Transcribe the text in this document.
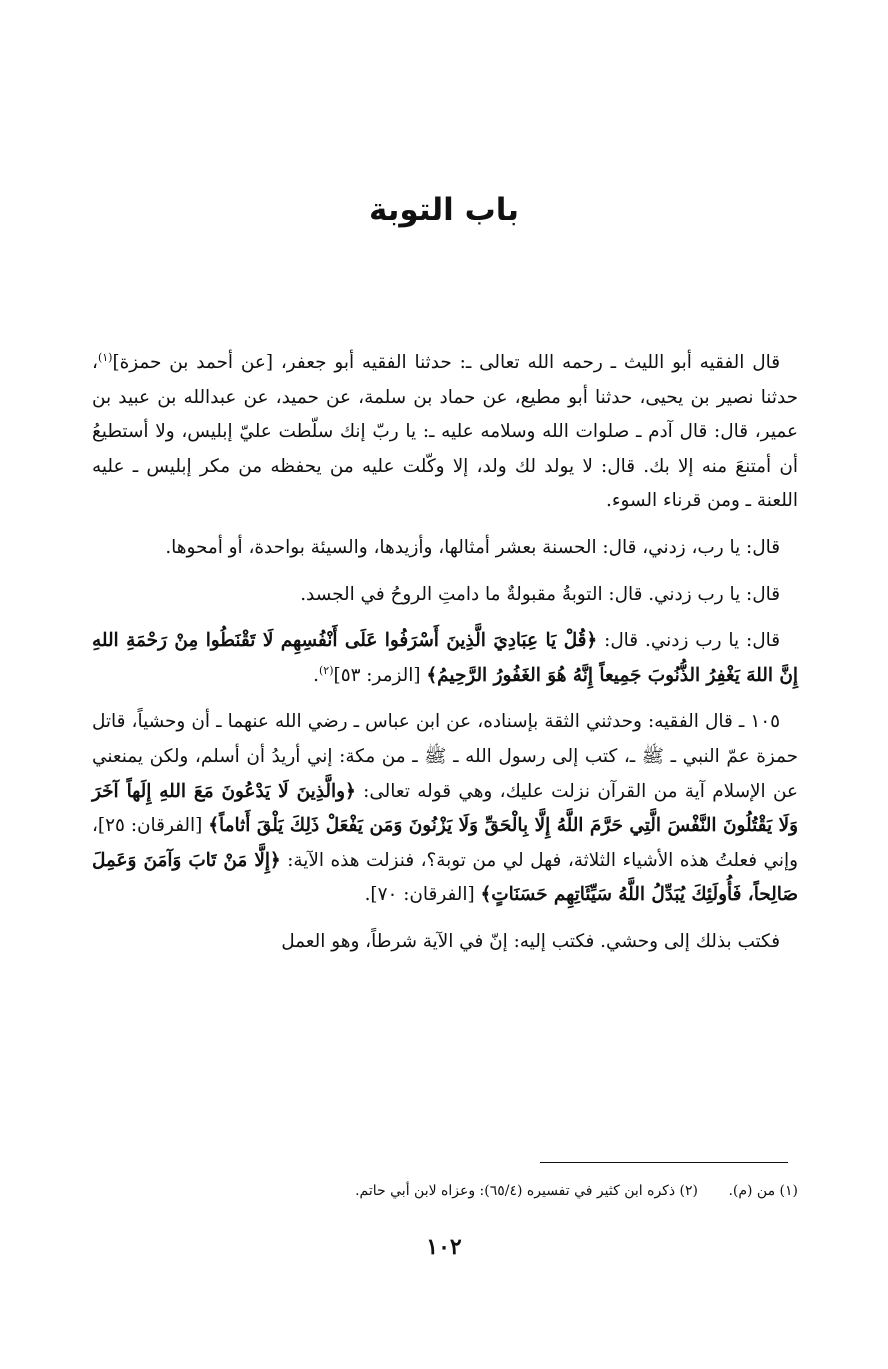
باب التوبة

قال الفقيه أبو الليث ـ رحمه الله تعالى ـ: حدثنا الفقيه أبو جعفر، [عن أحمد بن حمزة]$^{(١)}$، حدثنا نصير بن يحيى، حدثنا أبو مطيع، عن حماد بن سلمة، عن حميد، عن عبدالله بن عبيد بن عمير، قال: قال آدم ـ صلوات الله وسلامه عليه ـ: يا ربّ إنك سلّطت عليّ إبليس، ولا أستطيعُ أن أمتنعَ منه إلا بك. قال: لا يولد لك ولد، إلا وكّلت عليه من يحفظه من مكر إبليس ـ عليه اللعنة ـ ومن قرناء السوء.

قال: يا رب، زدني، قال: الحسنة بعشر أمثالها، وأزيدها، والسيئة بواحدة، أو أمحوها.

قال: يا رب زدني. قال: التوبةُ مقبولةٌ ما دامتِ الروحُ في الجسد.

قال: يا رب زدني. قال: ﴿قُلْ يَا عِبَادِيَ الَّذِينَ أَسْرَفُوا عَلَى أَنْفُسِهِم لَا تَقْنَطُوا مِنْ رَحْمَةِ اللهِ إِنَّ اللهَ يَغْفِرُ الذُّنُوبَ جَمِيعاً إِنَّهُ هُوَ الغَفُورُ الرَّحِيمُ﴾ [الزمر: ٥٣]$^{(٢)}$.

١٠٥ ـ قال الفقيه: وحدثني الثقة بإسناده، عن ابن عباس ـ رضي الله عنهما ـ أن وحشياً، قاتل حمزة عمّ النبي ـ ﷺ ـ، كتب إلى رسول الله ـ ﷺ ـ من مكة: إني أريدُ أن أسلم، ولكن يمنعني عن الإسلام آية من القرآن نزلت عليك، وهي قوله تعالى: ﴿والَّذِينَ لَا يَدْعُونَ مَعَ اللهِ إِلَهاً آخَرَ وَلَا يَقْتُلُونَ النَّفْسَ الَّتِي حَرَّمَ اللَّهُ إِلَّا بِالْحَقِّ وَلَا يَزْنُونَ وَمَن يَفْعَلْ ذَلِكَ يَلْقَ أَثاماً﴾ [الفرقان: ٢٥]، وإني فعلتُ هذه الأشياء الثلاثة، فهل لي من توبة؟، فنزلت هذه الآية: ﴿إِلَّا مَنْ تَابَ وَآمَنَ وَعَمِلَ صَالِحاً، فَأُولَئِكَ يُبَدِّلُ اللَّهُ سَيِّئَاتِهِم حَسَنَاتٍ﴾ [الفرقان: ٧٠].

فكتب بذلك إلى وحشي. فكتب إليه: إنّ في الآية شرطاً، وهو العمل

(١) من (م). (٢) ذكره ابن كثير في تفسيره (٦٥/٤): وعزاه لابن أبي حاتم.
١٠٢
